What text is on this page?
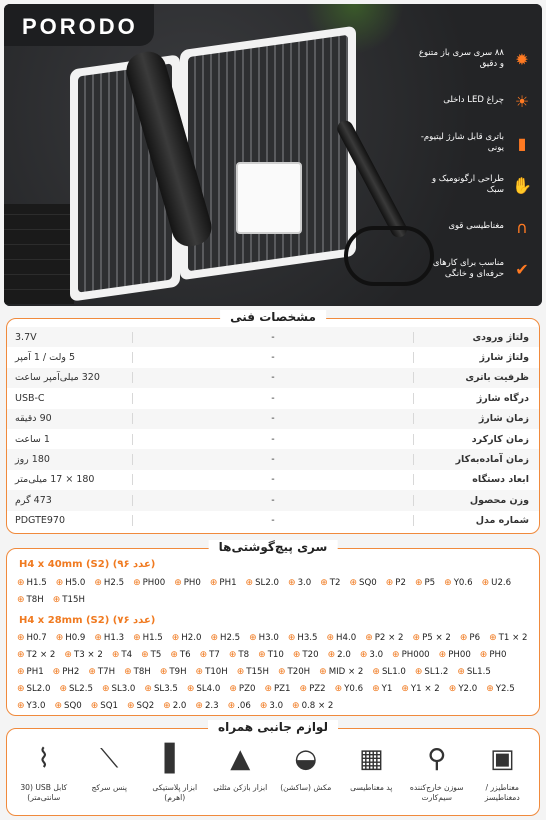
PORODO
۸۸ سری سری باز متنوع و دقیق ✹
چراغ LED داخلی ☀
باتری قابل شارژ لیتیوم-یونی ▮
طراحی ارگونومیک و سبک ✋
مغناطیسی قوی ∩
مناسب برای کارهای حرفه‌ای و خانگی ✔
مشخصات فنی
3.7V	-	ولتاژ ورودی
5 ولت / 1 آمپر	-	ولتاژ شارژ
320 میلی‌آمپر ساعت	-	ظرفیت باتری
USB-C	-	درگاه شارژ
90 دقیقه	-	زمان شارژ
1 ساعت	-	زمان کارکرد
180 روز	-	زمان آماده‌به‌کار
180 × 17 میلی‌متر	-	ابعاد دستگاه
473 گرم	-	وزن محصول
PDGTE970	-	شماره مدل
سری پیچ‌گوشتی‌ها
H4 x 40mm (S2) (عدد ۹۶)
⊕ H1.5 ⊕ H5.0 ⊕ H2.5 ⊕ PH00 ⊕ PH0 ⊕ PH1 ⊕ SL2.0 ⊕ 3.0 ⊕ T2 ⊕ SQ0 ⊕ P2 ⊕ P5 ⊕ Y0.6 ⊕ U2.6
⊕ T8H ⊕ T15H
H4 x 28mm (S2) (عدد ۷۶)
⊕ H0.7 ⊕ H0.9 ⊕ H1.3 ⊕ H1.5 ⊕ H2.0 ⊕ H2.5 ⊕ H3.0 ⊕ H3.5 ⊕ H4.0 ⊕ P2 × 2 ⊕ P5 × 2 ⊕ P6 ⊕ T1 × 2
⊕ T2 × 2 ⊕ T3 × 2 ⊕ T4 ⊕ T5 ⊕ T6 ⊕ T7 ⊕ T8 ⊕ T10 ⊕ T20 ⊕ 2.0 ⊕ 3.0 ⊕ PH000 ⊕ PH00 ⊕ PH0
⊕ PH1 ⊕ PH2 ⊕ T7H ⊕ T8H ⊕ T9H ⊕ T10H ⊕ T15H ⊕ T20H ⊕ MID × 2 ⊕ SL1.0 ⊕ SL1.2 ⊕ SL1.5
⊕ SL2.0 ⊕ SL2.5 ⊕ SL3.0 ⊕ SL3.5 ⊕ SL4.0 ⊕ PZ0 ⊕ PZ1 ⊕ PZ2 ⊕ Y0.6 ⊕ Y1 ⊕ Y1 × 2 ⊕ Y2.0 ⊕ Y2.5
⊕ Y3.0 ⊕ SQ0 ⊕ SQ1 ⊕ SQ2 ⊕ 2.0 ⊕ 2.3 ⊕ .06 ⊕ 3.0 ⊕ 0.8 × 2
لوازم جانبی همراه
▣
مغناطیزر / دمغناطیسز
⚲
سوزن خارج‌کننده سیم‌کارت
▦
پد مغناطیسی
◒
مکش (ساکشن)
▲
ابزار بازکن مثلثی
▌
ابزار پلاستیکی (اهرم)
⟋
پنس سرکج
⌇
کابل USB (30 سانتی‌متر)
